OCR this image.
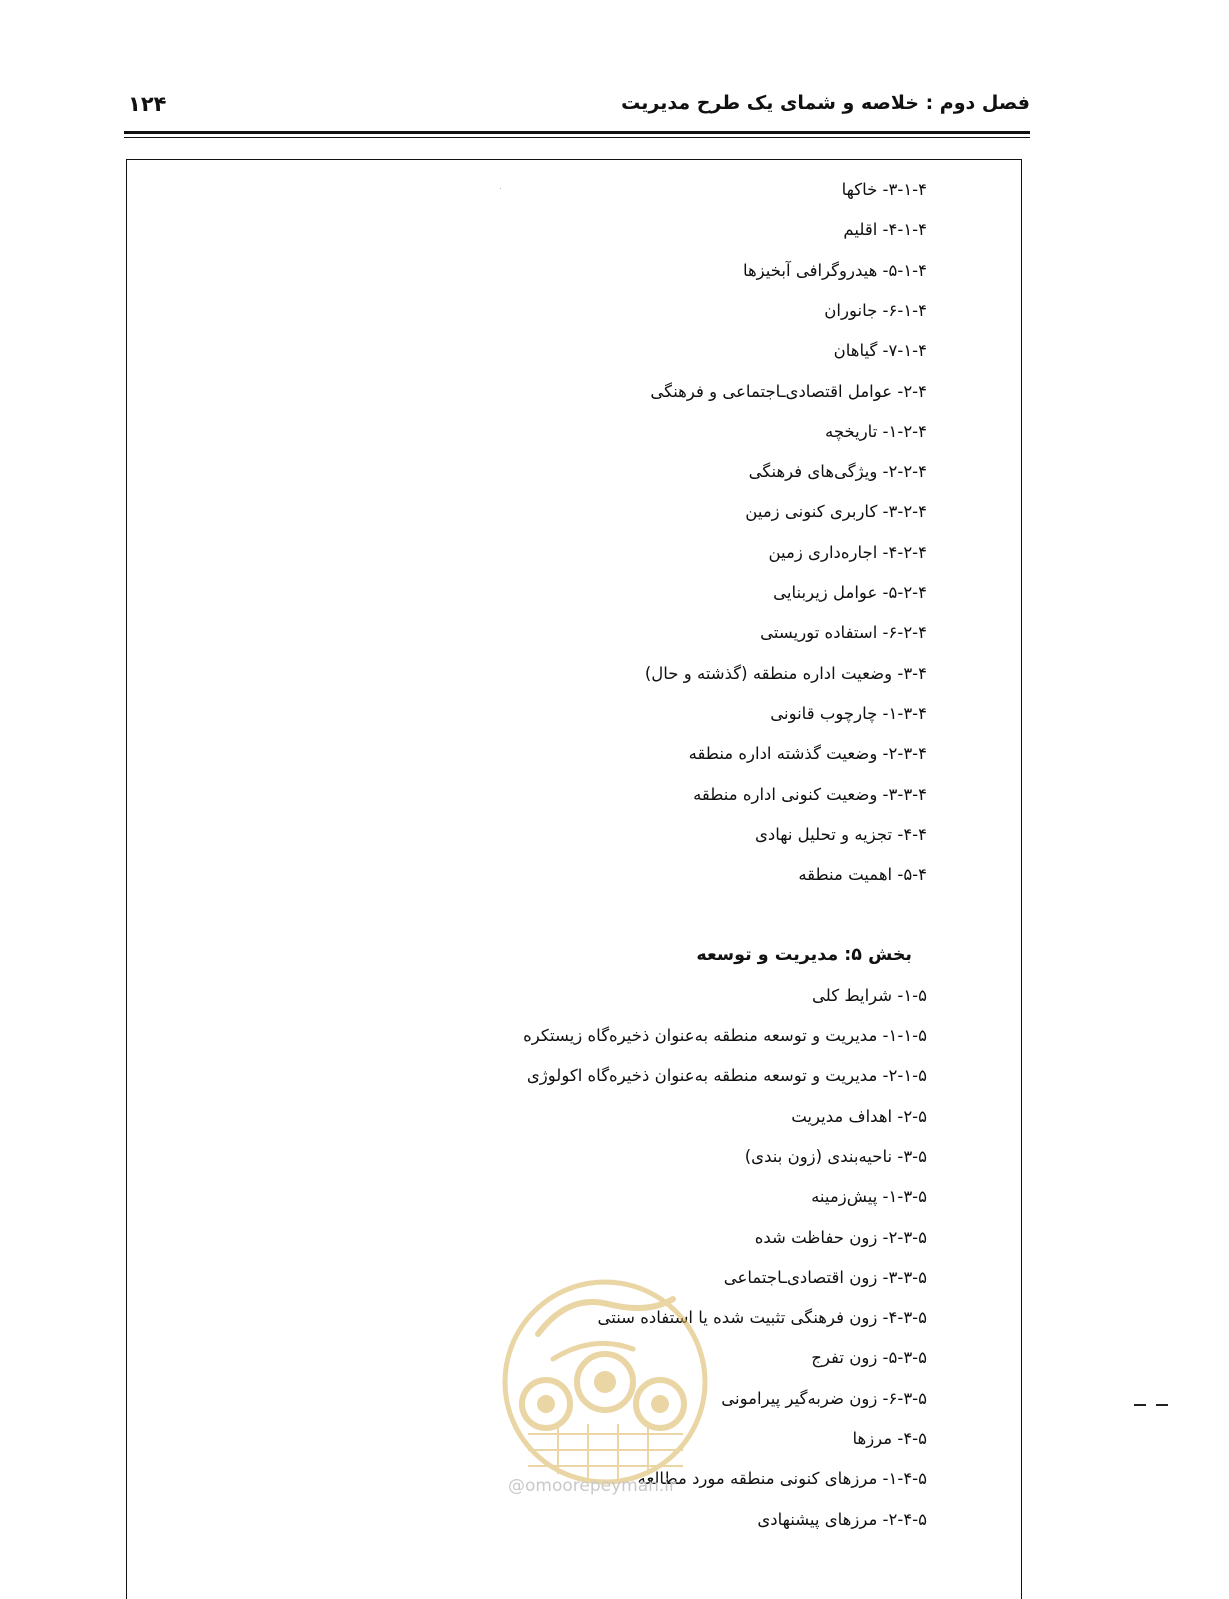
۱۲۴	فصل دوم : خلاصه و شمای یک طرح مدیریت
۳-۱-۴- خاکها
۴-۱-۴- اقلیم
۵-۱-۴- هیدروگرافی آبخیزها
۶-۱-۴- جانوران
۷-۱-۴- گیاهان
۲-۴- عوامل اقتصادی‌ـاجتماعی و فرهنگی
۱-۲-۴- تاریخچه
۲-۲-۴- ویژگی‌های فرهنگی
۳-۲-۴- کاربری کنونی زمین
۴-۲-۴- اجاره‌داری زمین
۵-۲-۴- عوامل زیربنایی
۶-۲-۴- استفاده توریستی
۳-۴- وضعیت اداره منطقه (گذشته و حال)
۱-۳-۴- چارچوب قانونی
۲-۳-۴- وضعیت گذشته اداره منطقه
۳-۳-۴- وضعیت کنونی اداره منطقه
۴-۴- تجزیه و تحلیل نهادی
۵-۴- اهمیت منطقه
بخش ۵: مدیریت و توسعه
۱-۵- شرایط کلی
۱-۱-۵- مدیریت و توسعه منطقه به‌عنوان ذخیره‌گاه زیستکره
۲-۱-۵- مدیریت و توسعه منطقه به‌عنوان ذخیره‌گاه اکولوژی
۲-۵- اهداف مدیریت
۳-۵- ناحیه‌بندی (زون بندی)
۱-۳-۵- پیش‌زمینه
۲-۳-۵- زون حفاظت شده
۳-۳-۵- زون اقتصادی‌ـاجتماعی
۴-۳-۵- زون فرهنگی تثبیت شده یا استفاده سنتی
۵-۳-۵- زون تفرج
۶-۳-۵- زون ضربه‌گیر پیرامونی
۴-۵- مرزها
۱-۴-۵- مرزهای کنونی منطقه مورد مطالعه
۲-۴-۵- مرزهای پیشنهادی
@omoorepeyman.ir
